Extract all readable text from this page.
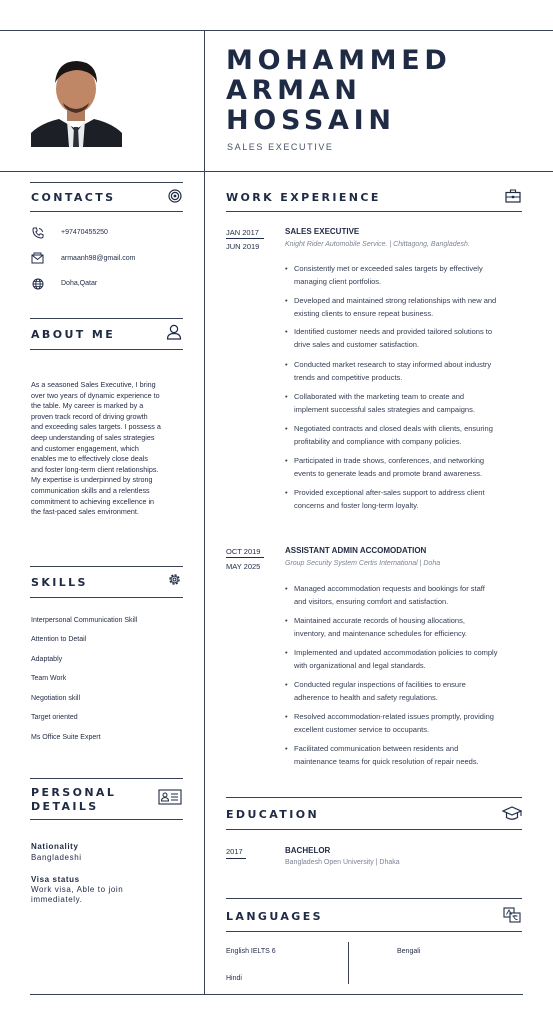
MOHAMMED
ARMAN
HOSSAIN
SALES EXECUTIVE
CONTACTS
+97470455250
armaanh98@gmail.com
Doha,Qatar
ABOUT ME
As a seasoned Sales Executive, I bring
over two years of dynamic experience to
the table. My career is marked by a
proven track record of driving growth
and exceeding sales targets. I possess a
deep understanding of sales strategies
and customer engagement, which
enables me to effectively close deals
and foster long-term client relationships.
My expertise is underpinned by strong
communication skills and a relentless
commitment to achieving excellence in
the fast-paced sales environment.
SKILLS
Interpersonal Communication Skill
Attention to Detail
Adaptably
Team Work
Negotiation skill
Target oriented
Ms Office Suite Expert
PERSONAL
DETAILS
Nationality
Bangladeshi
Visa status
Work visa, Able to join
immediately.
WORK EXPERIENCE
JAN 2017
JUN 2019
SALES EXECUTIVE
Knight Rider Automobile Service. | Chittagong, Bangladesh.
• Consistently met or exceeded sales targets by effectively
managing client portfolios.
• Developed and maintained strong relationships with new and
existing clients to ensure repeat business.
• Identified customer needs and provided tailored solutions to
drive sales and customer satisfaction.
• Conducted market research to stay informed about industry
trends and competitive products.
• Collaborated with the marketing team to create and
implement successful sales strategies and campaigns.
• Negotiated contracts and closed deals with clients, ensuring
profitability and compliance with company policies.
• Participated in trade shows, conferences, and networking
events to generate leads and promote brand awareness.
• Provided exceptional after-sales support to address client
concerns and foster long-term loyalty.
OCT 2019
MAY 2025
ASSISTANT ADMIN ACCOMODATION
Group Security System Certis International | Doha
• Managed accommodation requests and bookings for staff
and visitors, ensuring comfort and satisfaction.
• Maintained accurate records of housing allocations,
inventory, and maintenance schedules for efficiency.
• Implemented and updated accommodation policies to comply
with organizational and legal standards.
• Conducted regular inspections of facilities to ensure
adherence to health and safety regulations.
• Resolved accommodation-related issues promptly, providing
excellent customer service to occupants.
• Facilitated communication between residents and
maintenance teams for quick resolution of repair needs.
EDUCATION
2017	BACHELOR
Bangladesh Open University | Dhaka
LANGUAGES
English IELTS 6	Bengali
Hindi
